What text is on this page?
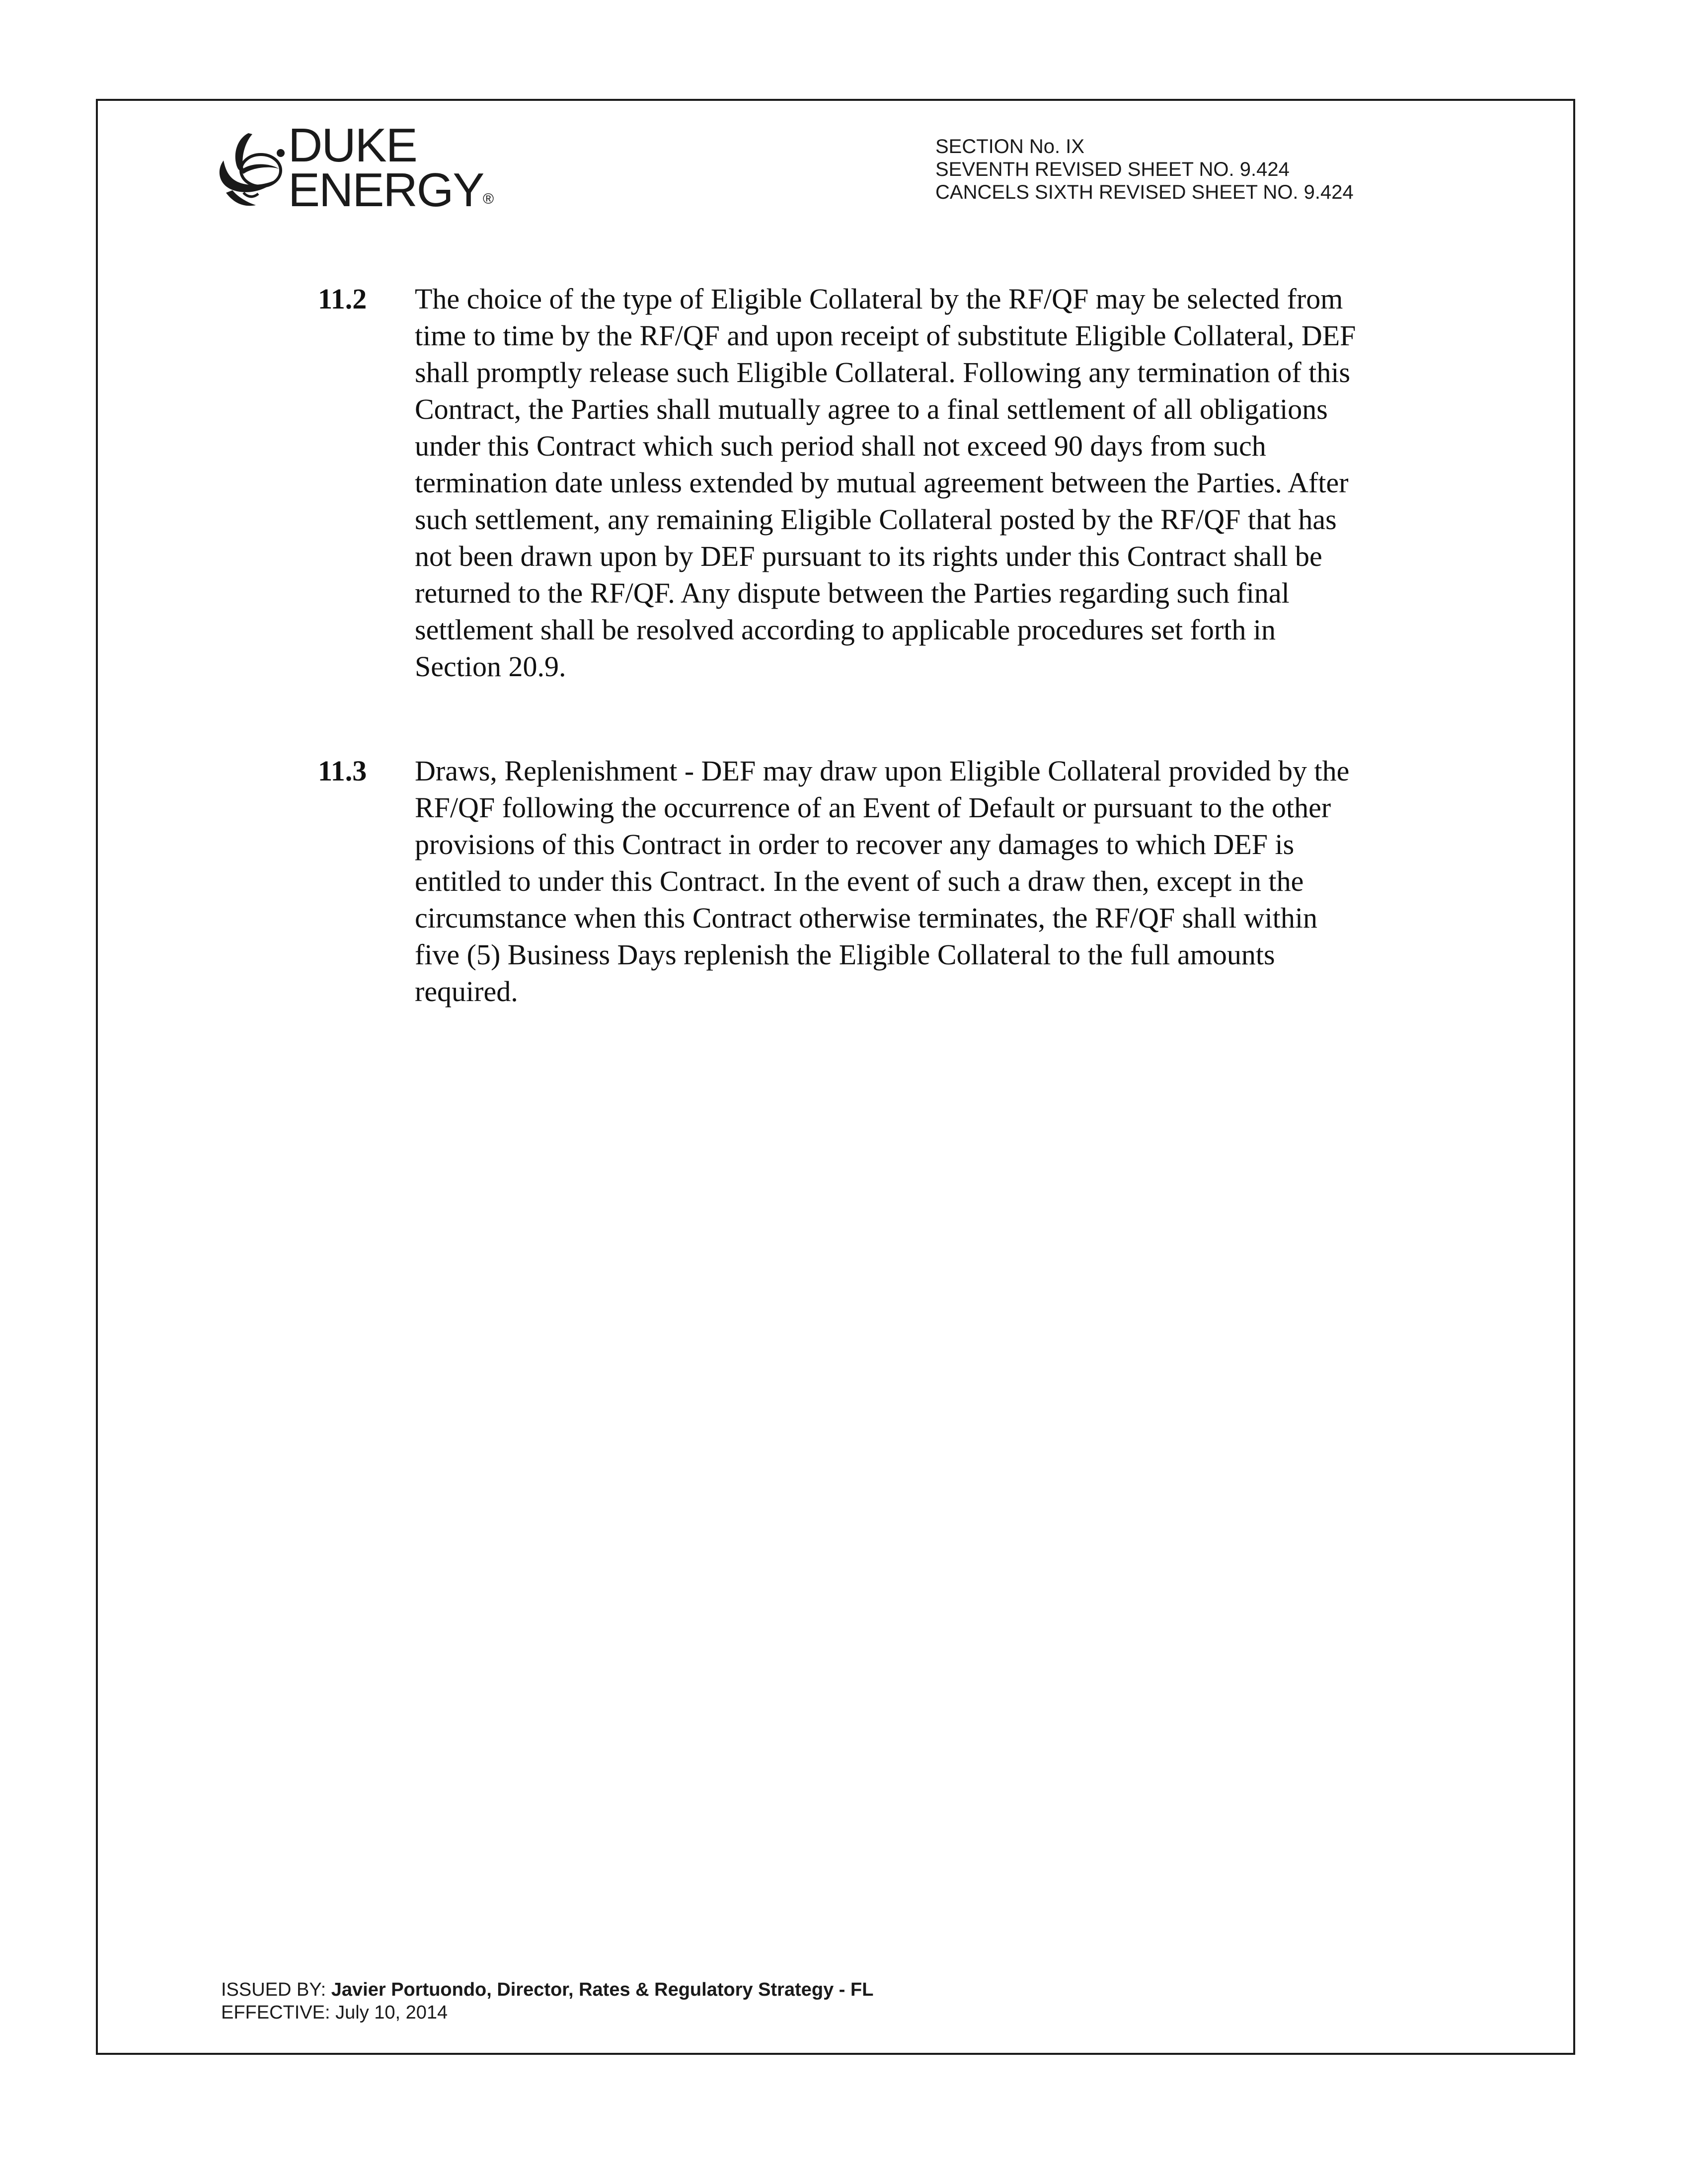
DUKE
ENERGY
®
SECTION No. IX
SEVENTH REVISED SHEET NO. 9.424
CANCELS SIXTH REVISED SHEET NO. 9.424
11.2 The choice of the type of Eligible Collateral by the RF/QF may be selected from
time to time by the RF/QF and upon receipt of substitute Eligible Collateral, DEF
shall promptly release such Eligible Collateral. Following any termination of this
Contract, the Parties shall mutually agree to a final settlement of all obligations
under this Contract which such period shall not exceed 90 days from such
termination date unless extended by mutual agreement between the Parties. After
such settlement, any remaining Eligible Collateral posted by the RF/QF that has
not been drawn upon by DEF pursuant to its rights under this Contract shall be
returned to the RF/QF. Any dispute between the Parties regarding such final
settlement shall be resolved according to applicable procedures set forth in
Section 20.9.
11.3 Draws, Replenishment - DEF may draw upon Eligible Collateral provided by the
RF/QF following the occurrence of an Event of Default or pursuant to the other
provisions of this Contract in order to recover any damages to which DEF is
entitled to under this Contract. In the event of such a draw then, except in the
circumstance when this Contract otherwise terminates, the RF/QF shall within
five (5) Business Days replenish the Eligible Collateral to the full amounts
required.
ISSUED BY: Javier Portuondo, Director, Rates & Regulatory Strategy - FL
EFFECTIVE: July 10, 2014
